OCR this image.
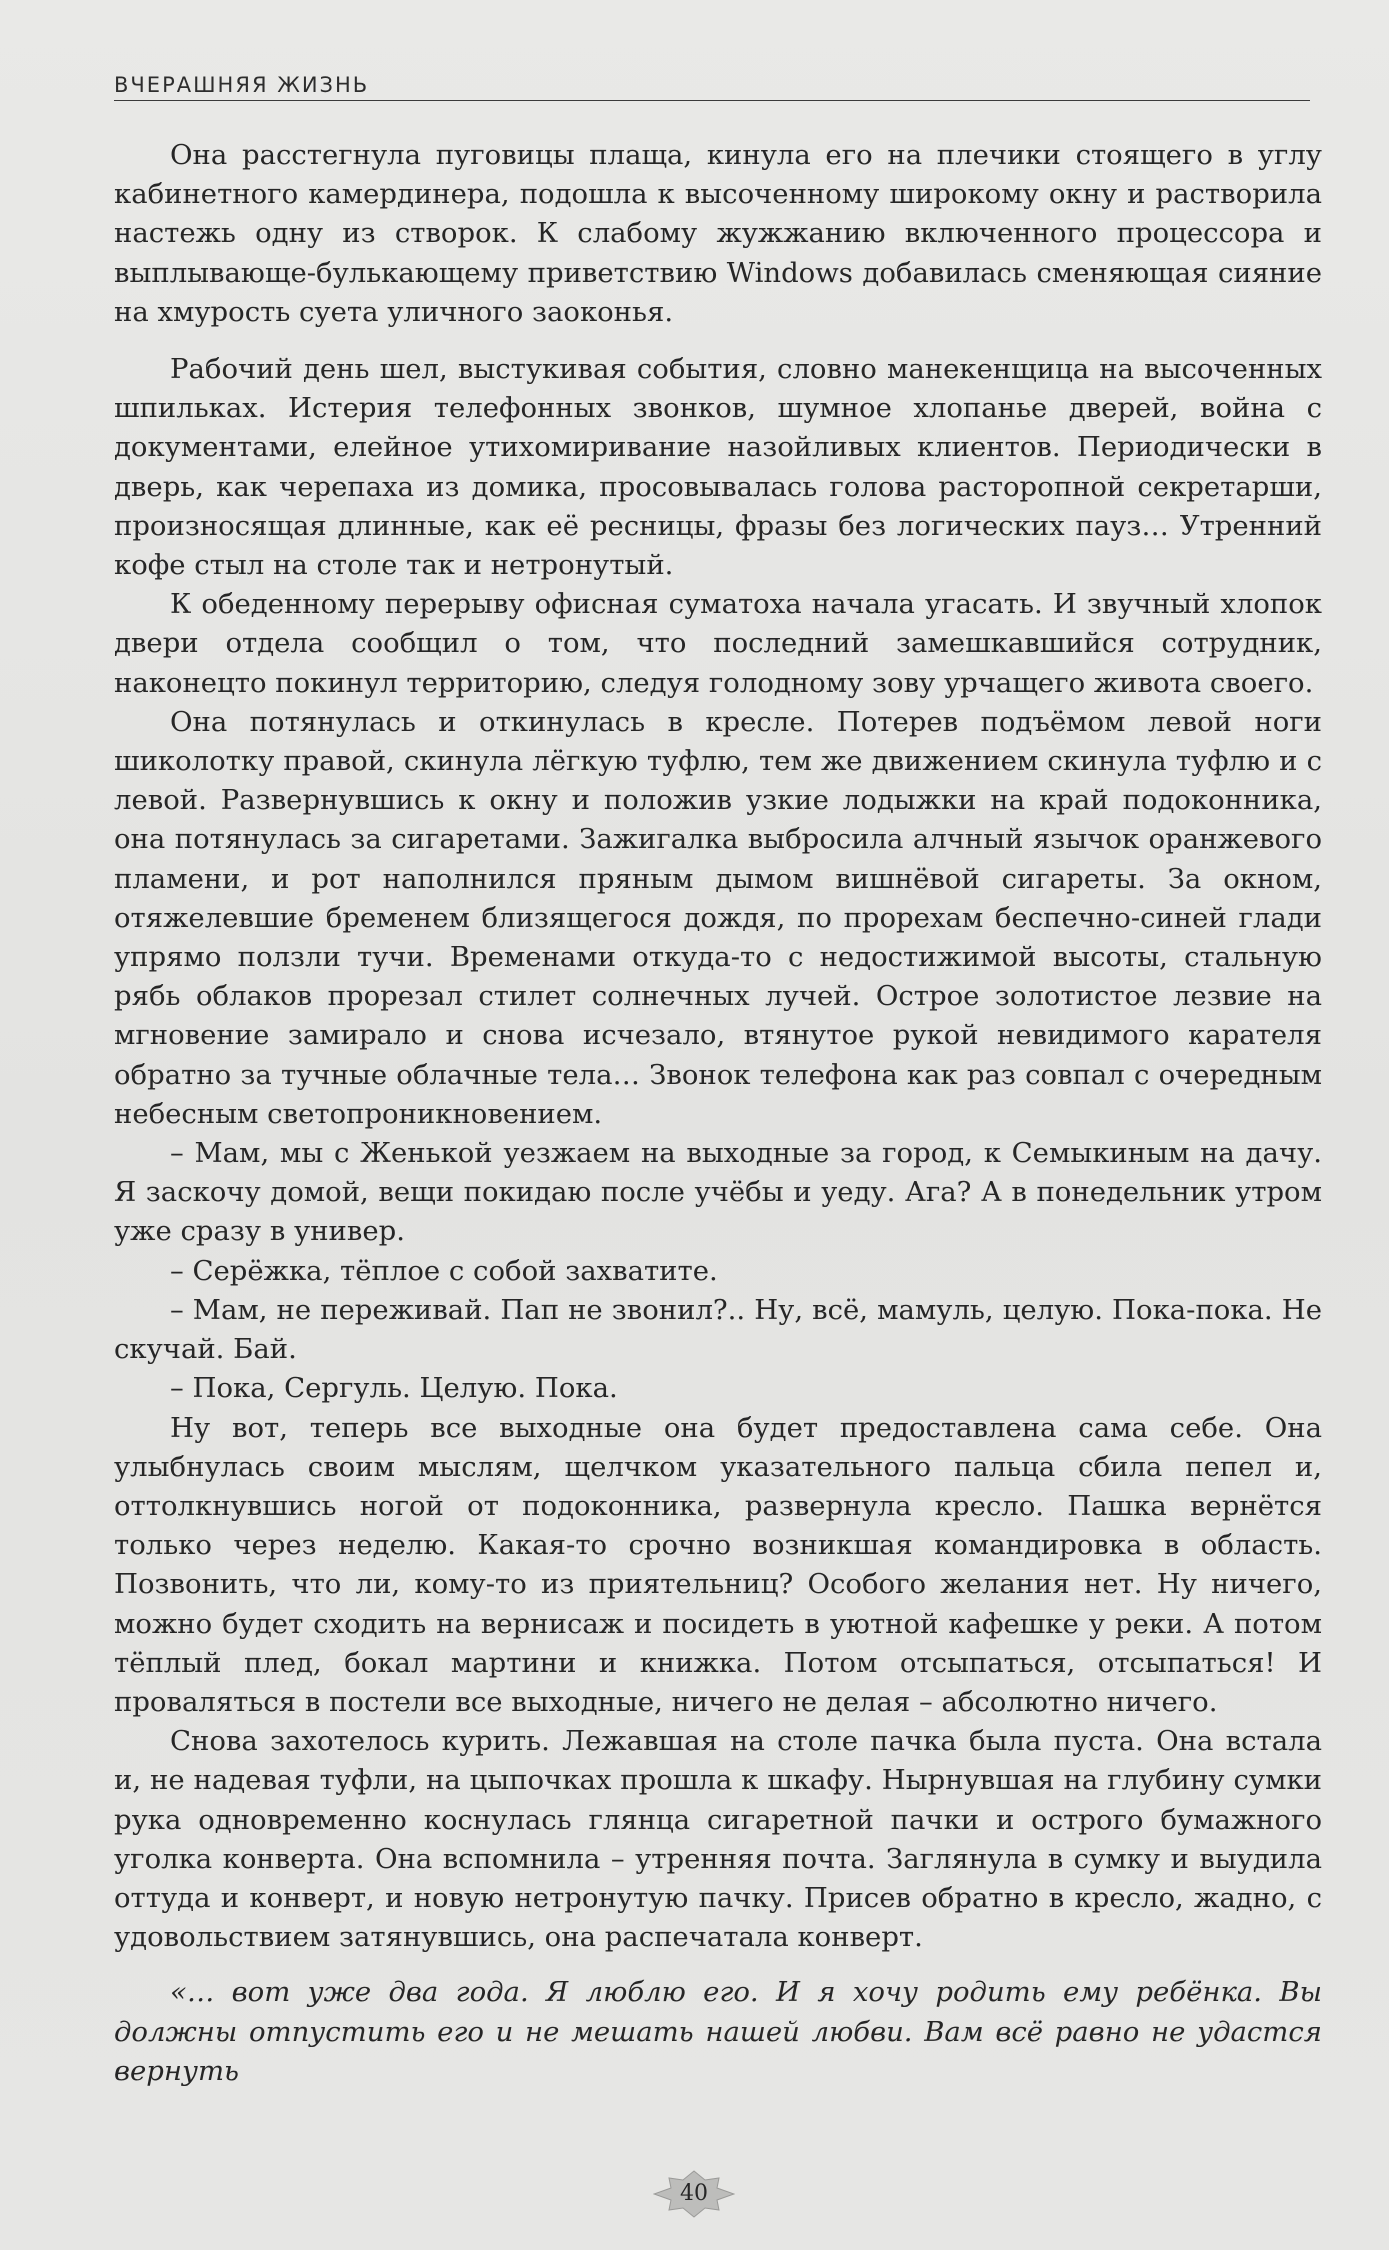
ВЧЕРАШНЯЯ ЖИЗНЬ

Она расстегнула пуговицы плаща, кинула его на плечики стоящего в углу кабинетного камердинера, подошла к высоченному широкому окну и растворила настежь одну из створок. К слабому жужжанию включенного процессора и выплывающе-булькающему приветствию Windows добавилась сменяющая сияние на хмурость суета уличного заоконья.

Рабочий день шел, выстукивая события, словно манекенщица на высоченных шпильках. Истерия телефонных звонков, шумное хлопанье дверей, война с документами, елейное утихомиривание назойливых клиентов. Периодически в дверь, как черепаха из домика, просовывалась голова расторопной секретарши, произносящая длинные, как её ресницы, фразы без логических пауз… Утренний кофе стыл на столе так и нетронутый.

К обеденному перерыву офисная суматоха начала угасать. И звучный хлопок двери отдела сообщил о том, что последний замешкавшийся сотрудник, наконецто покинул территорию, следуя голодному зову урчащего живота своего.

Она потянулась и откинулась в кресле. Потерев подъёмом левой ноги шиколотку правой, скинула лёгкую туфлю, тем же движением скинула туфлю и с левой. Развернувшись к окну и положив узкие лодыжки на край подоконника, она потянулась за сигаретами. Зажигалка выбросила алчный язычок оранжевого пламени, и рот наполнился пряным дымом вишнёвой сигареты. За окном, отяжелевшие бременем близящегося дождя, по прорехам беспечно-синей глади упрямо ползли тучи. Временами откуда-то с недостижимой высоты, стальную рябь облаков прорезал стилет солнечных лучей. Острое золотистое лезвие на мгновение замирало и снова исчезало, втянутое рукой невидимого карателя обратно за тучные облачные тела… Звонок телефона как раз совпал с очередным небесным светопроникновением.

– Мам, мы с Женькой уезжаем на выходные за город, к Семыкиным на дачу. Я заскочу домой, вещи покидаю после учёбы и уеду. Ага? А в понедельник утром уже сразу в универ.

– Серёжка, тёплое с собой захватите.

– Мам, не переживай. Пап не звонил?.. Ну, всё, мамуль, целую. Пока-пока. Не скучай. Бай.

– Пока, Сергуль. Целую. Пока.

Ну вот, теперь все выходные она будет предоставлена сама себе. Она улыбнулась своим мыслям, щелчком указательного пальца сбила пепел и, оттолкнувшись ногой от подоконника, развернула кресло. Пашка вернётся только через неделю. Какая-то срочно возникшая командировка в область. Позвонить, что ли, кому-то из приятельниц? Особого желания нет. Ну ничего, можно будет сходить на вернисаж и посидеть в уютной кафешке у реки. А потом тёплый плед, бокал мартини и книжка. Потом отсыпаться, отсыпаться! И проваляться в постели все выходные, ничего не делая – абсолютно ничего.

Снова захотелось курить. Лежавшая на столе пачка была пуста. Она встала и, не надевая туфли, на цыпочках прошла к шкафу. Нырнувшая на глубину сумки рука одновременно коснулась глянца сигаретной пачки и острого бумажного уголка конверта. Она вспомнила – утренняя почта. Заглянула в сумку и выудила оттуда и конверт, и новую нетронутую пачку. Присев обратно в кресло, жадно, с удовольствием затянувшись, она распечатала конверт.

«… вот уже два года. Я люблю его. И я хочу родить ему ребёнка. Вы должны отпустить его и не мешать нашей любви. Вам всё равно не удастся вернуть

40
